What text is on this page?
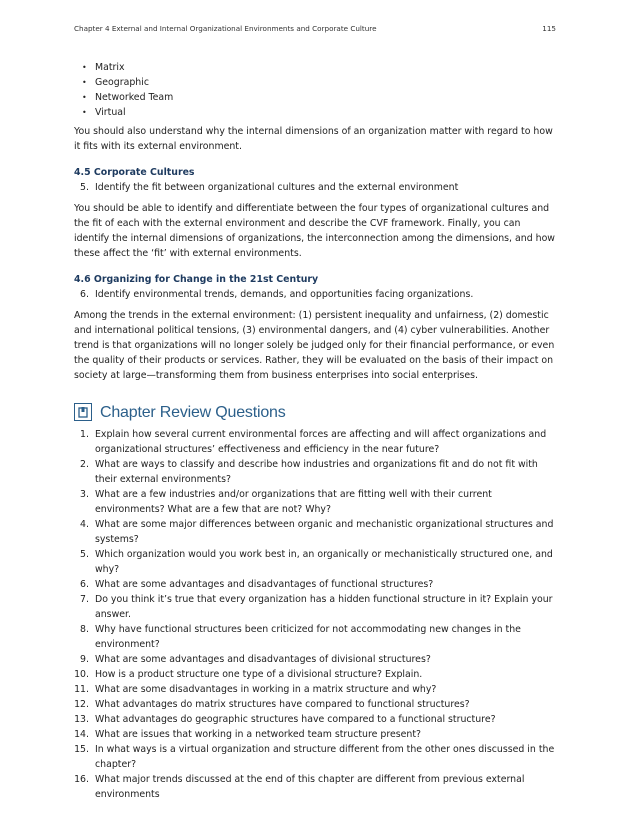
Chapter 4 External and Internal Organizational Environments and Corporate Culture	115
• Matrix
• Geographic
• Networked Team
• Virtual

You should also understand why the internal dimensions of an organization matter with regard to how it fits with its external environment.

4.5 Corporate Cultures
5. Identify the fit between organizational cultures and the external environment

You should be able to identify and differentiate between the four types of organizational cultures and the fit of each with the external environment and describe the CVF framework. Finally, you can identify the internal dimensions of organizations, the interconnection among the dimensions, and how these affect the ‘fit’ with external environments.

4.6 Organizing for Change in the 21st Century
6. Identify environmental trends, demands, and opportunities facing organizations.

Among the trends in the external environment: (1) persistent inequality and unfairness, (2) domestic and international political tensions, (3) environmental dangers, and (4) cyber vulnerabilities. Another trend is that organizations will no longer solely be judged only for their financial performance, or even the quality of their products or services. Rather, they will be evaluated on the basis of their impact on society at large—transforming them from business enterprises into social enterprises.

Chapter Review Questions
1. Explain how several current environmental forces are affecting and will affect organizations and organizational structures’ effectiveness and efficiency in the near future?
2. What are ways to classify and describe how industries and organizations fit and do not fit with their external environments?
3. What are a few industries and/or organizations that are fitting well with their current environments? What are a few that are not? Why?
4. What are some major differences between organic and mechanistic organizational structures and systems?
5. Which organization would you work best in, an organically or mechanistically structured one, and why?
6. What are some advantages and disadvantages of functional structures?
7. Do you think it’s true that every organization has a hidden functional structure in it? Explain your answer.
8. Why have functional structures been criticized for not accommodating new changes in the environment?
9. What are some advantages and disadvantages of divisional structures?
10. How is a product structure one type of a divisional structure? Explain.
11. What are some disadvantages in working in a matrix structure and why?
12. What advantages do matrix structures have compared to functional structures?
13. What advantages do geographic structures have compared to a functional structure?
14. What are issues that working in a networked team structure present?
15. In what ways is a virtual organization and structure different from the other ones discussed in the chapter?
16. What major trends discussed at the end of this chapter are different from previous external environments
